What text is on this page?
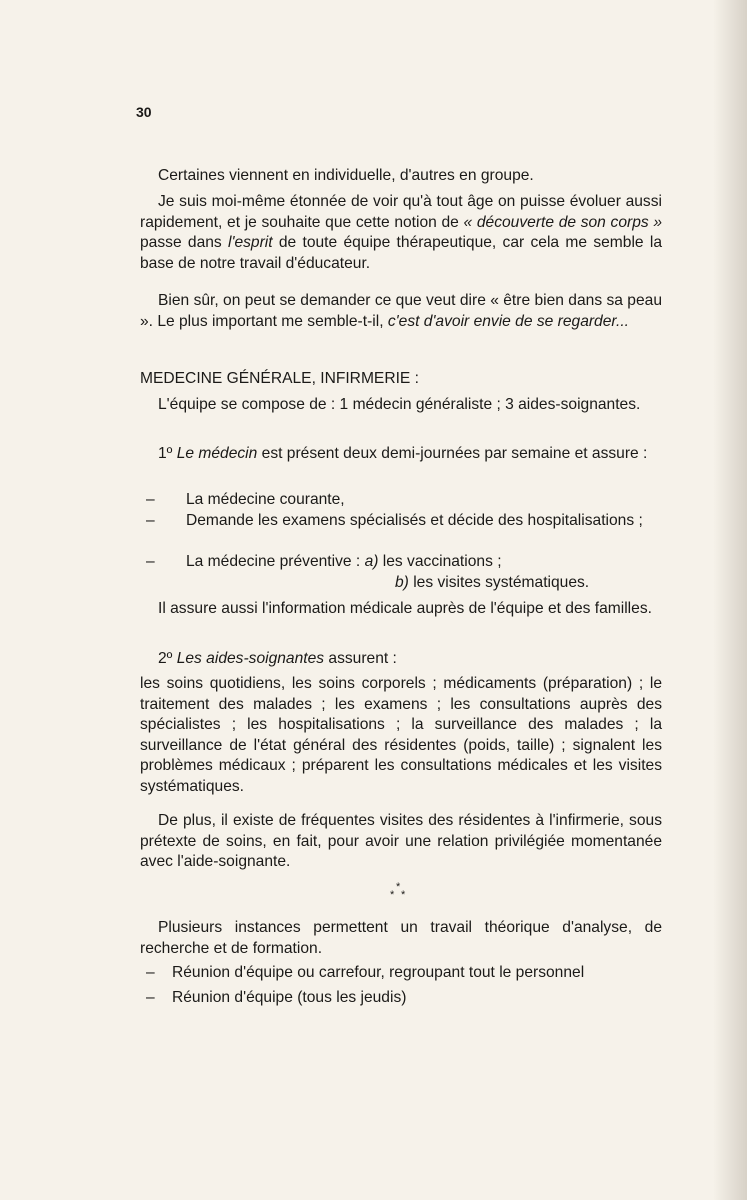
30
Certaines viennent en individuelle, d'autres en groupe.
Je suis moi-même étonnée de voir qu'à tout âge on puisse évoluer aussi rapidement, et je souhaite que cette notion de « découverte de son corps » passe dans l'esprit de toute équipe thérapeutique, car cela me semble la base de notre travail d'éducateur.
Bien sûr, on peut se demander ce que veut dire « être bien dans sa peau ». Le plus important me semble-t-il, c'est d'avoir envie de se regarder...
MEDECINE GÉNÉRALE, INFIRMERIE :
L'équipe se compose de : 1 médecin généraliste ; 3 aides-soignantes.
1º Le médecin est présent deux demi-journées par semaine et assure :
– La médecine courante,
– Demande les examens spécialisés et décide des hospitalisations ;
– La médecine préventive : a) les vaccinations ;
b) les visites systématiques.
Il assure aussi l'information médicale auprès de l'équipe et des familles.
2º Les aides-soignantes assurent :
les soins quotidiens, les soins corporels ; médicaments (préparation) ; le traitement des malades ; les examens ; les consultations auprès des spécialistes ; les hospitalisations ; la surveillance des malades ; la surveillance de l'état général des résidentes (poids, taille) ; signalent les problèmes médicaux ; préparent les consultations médicales et les visites systématiques.
De plus, il existe de fréquentes visites des résidentes à l'infirmerie, sous prétexte de soins, en fait, pour avoir une relation privilégiée momentanée avec l'aide-soignante.
*
* *
Plusieurs instances permettent un travail théorique d'analyse, de recherche et de formation.
– Réunion d'équipe ou carrefour, regroupant tout le personnel
– Réunion d'équipe (tous les jeudis)
